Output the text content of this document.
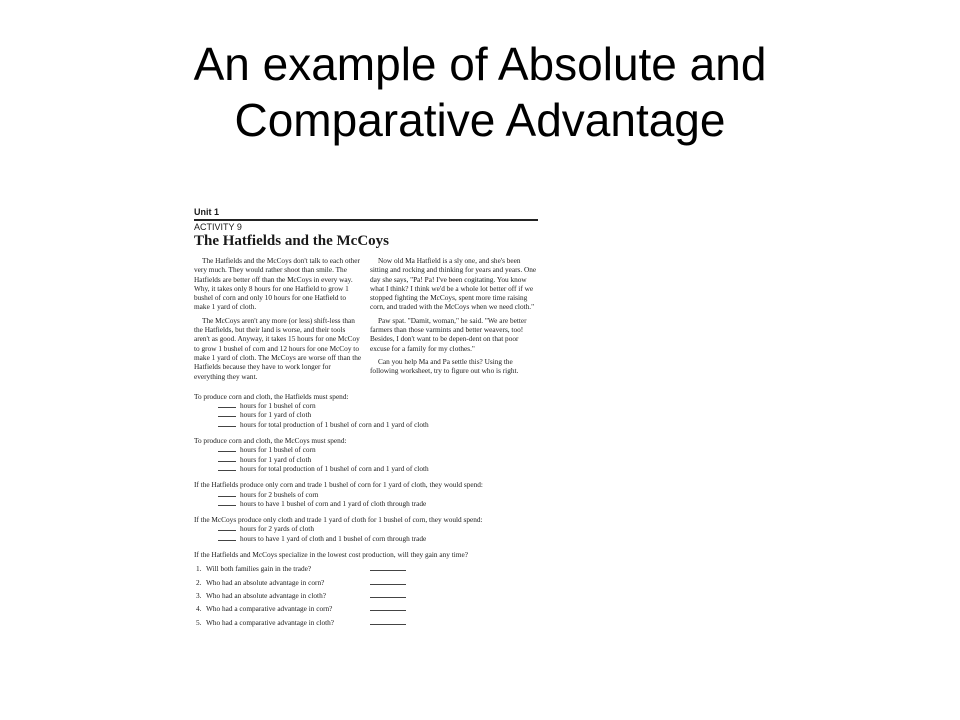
An example of Absolute and
Comparative Advantage
Unit 1
ACTIVITY 9
The Hatfields and the McCoys

The Hatfields and the McCoys don't talk to each other very much. They would rather shoot than smile. The Hatfields are better off than the McCoys in every way. Why, it takes only 8 hours for one Hatfield to grow 1 bushel of corn and only 10 hours for one Hatfield to make 1 yard of cloth.

The McCoys aren't any more (or less) shift-less than the Hatfields, but their land is worse, and their tools aren't as good. Anyway, it takes 15 hours for one McCoy to grow 1 bushel of corn and 12 hours for one McCoy to make 1 yard of cloth. The McCoys are worse off than the Hatfields because they have to work longer for everything they want.

Now old Ma Hatfield is a sly one, and she's been sitting and rocking and thinking for years and years. One day she says, "Pa! Pa! I've been cogitating. You know what I think? I think we'd be a whole lot better off if we stopped fighting the McCoys, spent more time raising corn, and traded with the McCoys when we need cloth."

Paw spat. "Damit, woman," he said. "We are better farmers than those varmints and better weavers, too! Besides, I don't want to be depen-dent on that poor excuse for a family for my clothes."

Can you help Ma and Pa settle this? Using the following worksheet, try to figure out who is right.

To produce corn and cloth, the Hatfields must spend:

hours for 1 bushel of corn
hours for 1 yard of cloth
hours for total production of 1 bushel of corn and 1 yard of cloth

To produce corn and cloth, the McCoys must spend:

hours for 1 bushel of corn
hours for 1 yard of cloth
hours for total production of 1 bushel of corn and 1 yard of cloth

If the Hatfields produce only corn and trade 1 bushel of corn for 1 yard of cloth, they would spend:

hours for 2 bushels of corn
hours to have 1 bushel of corn and 1 yard of cloth through trade

If the McCoys produce only cloth and trade 1 yard of cloth for 1 bushel of corn, they would spend:

hours for 2 yards of cloth
hours to have 1 yard of cloth and 1 bushel of corn through trade

If the Hatfields and McCoys specialize in the lowest cost production, will they gain any time?

1. Will both families gain in the trade?
2. Who had an absolute advantage in corn?
3. Who had an absolute advantage in cloth?
4. Who had a comparative advantage in corn?
5. Who had a comparative advantage in cloth?
